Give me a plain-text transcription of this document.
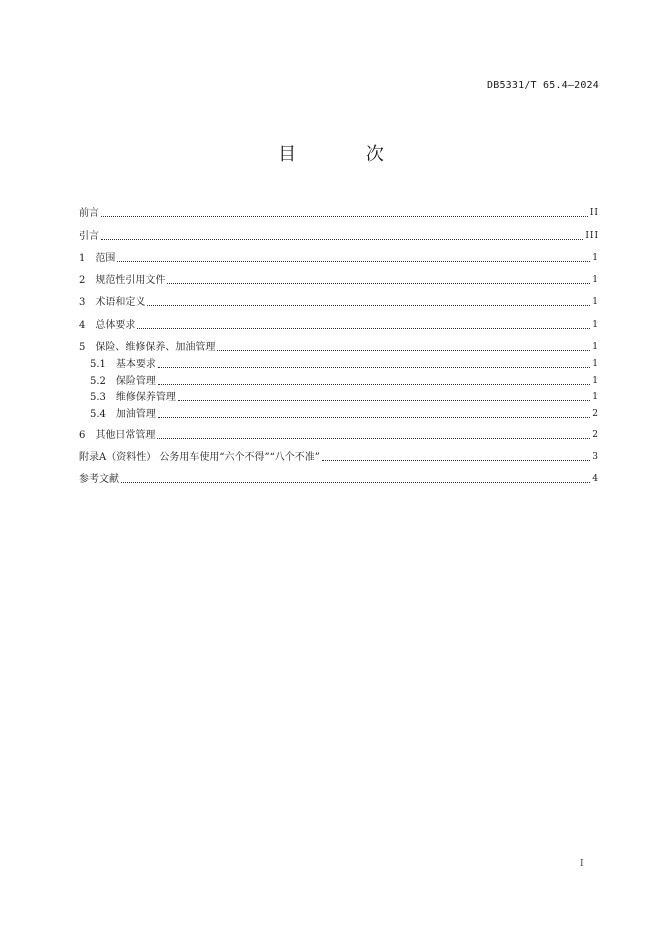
DB5331/T 65.4—2024
目 次
前言	II
引言	III
1 范围	1
2 规范性引用文件	1
3 术语和定义	1
4 总体要求	1
5 保险、维修保养、加油管理	1
5.1 基本要求	1
5.2 保险管理	1
5.3 维修保养管理	1
5.4 加油管理	2
6 其他日常管理	2
附录A（资料性） 公务用车使用“六个不得”“八个不准”	3
参考文献	4
I
